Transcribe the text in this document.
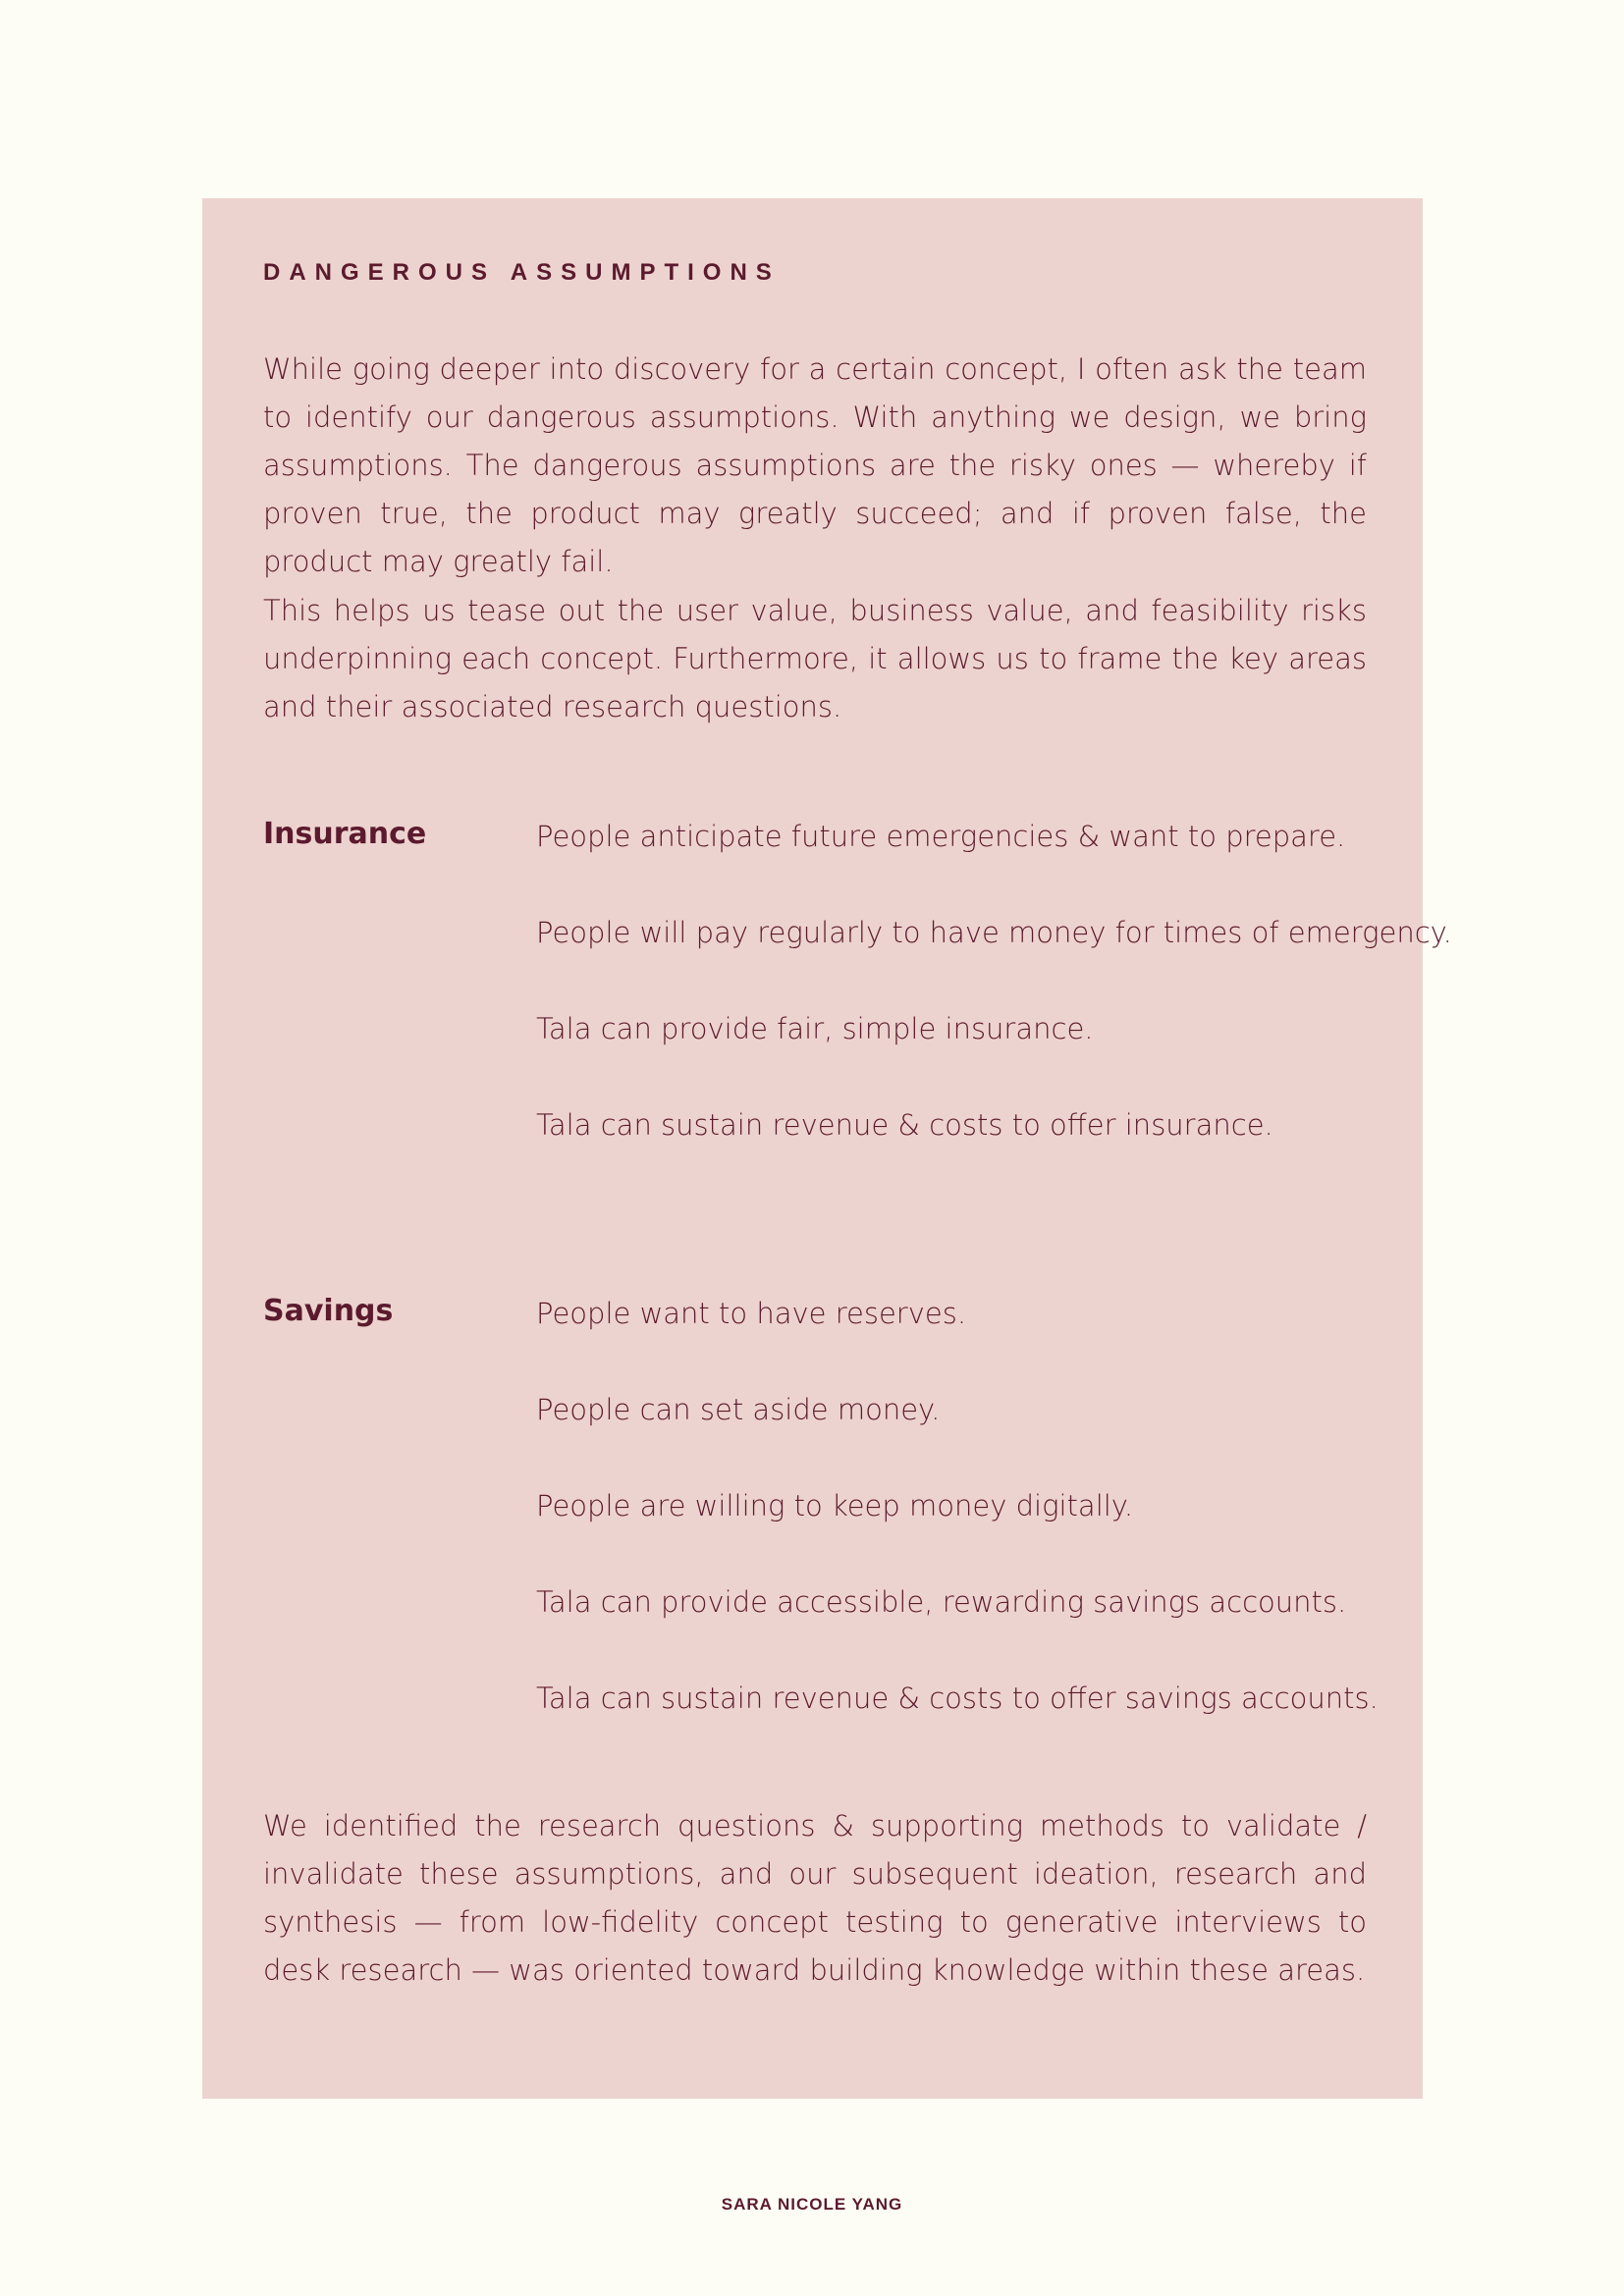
DANGEROUS ASSUMPTIONS

While going deeper into discovery for a certain concept, I often ask the team to identify our dangerous assumptions. With anything we design, we bring assumptions. The dangerous assumptions are the risky ones — whereby if proven true, the product may greatly succeed; and if proven false, the product may greatly fail.

This helps us tease out the user value, business value, and feasibility risks underpinning each concept. Furthermore, it allows us to frame the key areas and their associated research questions.

Insurance	People anticipate future emergencies & want to prepare.
People will pay regularly to have money for times of emergency.
Tala can provide fair, simple insurance.
Tala can sustain revenue & costs to offer insurance.
Savings	People want to have reserves.
People can set aside money.
People are willing to keep money digitally.
Tala can provide accessible, rewarding savings accounts.
Tala can sustain revenue & costs to offer savings accounts.

We identified the research questions & supporting methods to validate / invalidate these assumptions, and our subsequent ideation, research and synthesis — from low-fidelity concept testing to generative interviews to desk research — was oriented toward building knowledge within these areas.

SARA NICOLE YANG
